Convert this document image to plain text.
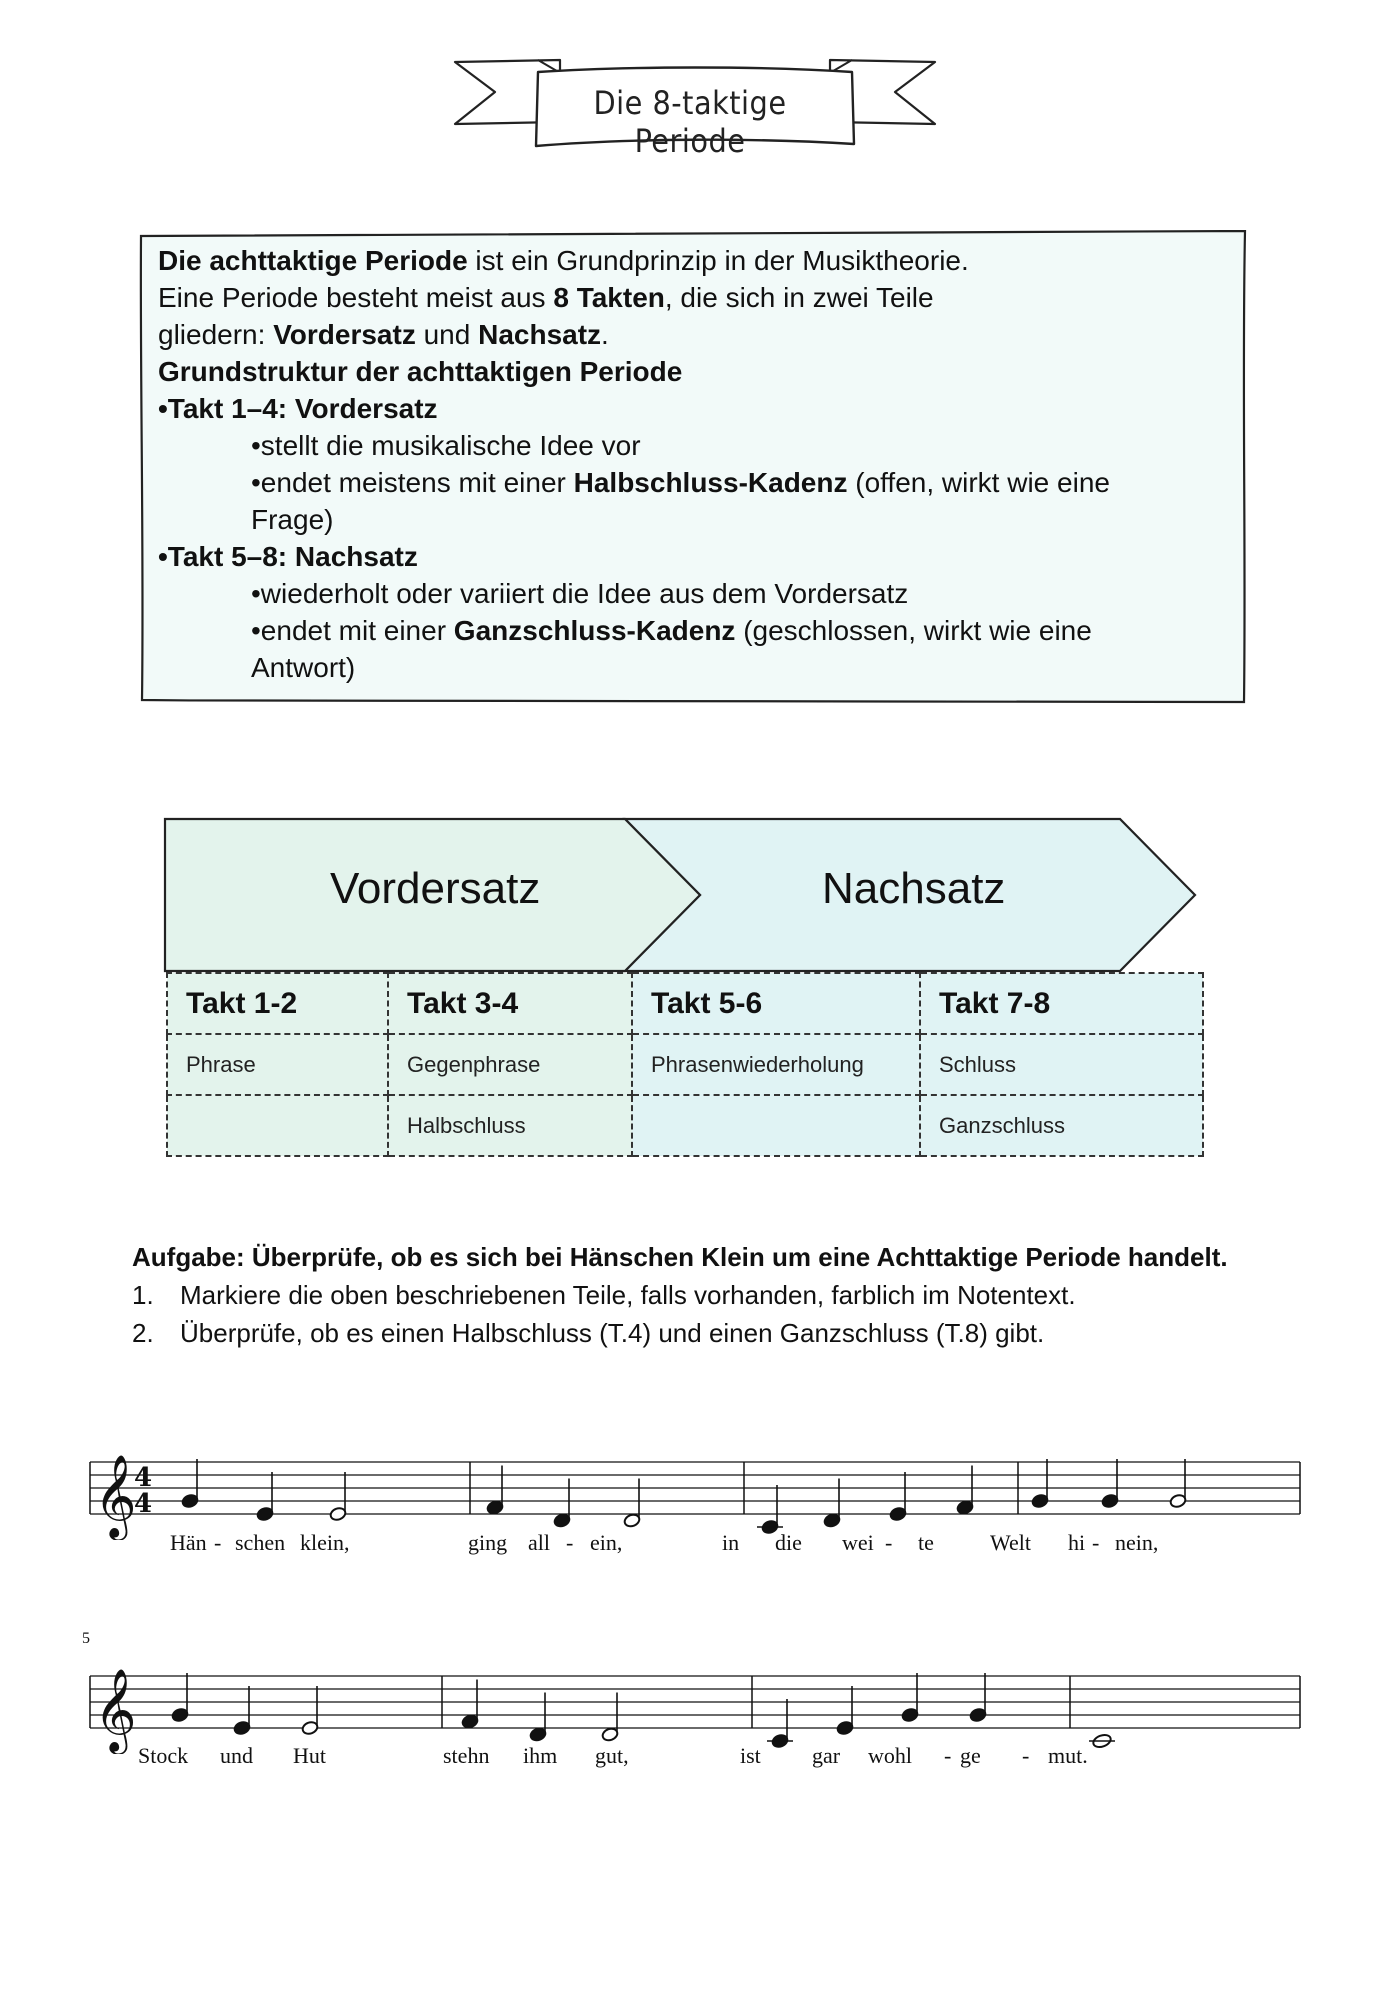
Die 8-taktige Periode

Die achttaktige Periode ist ein Grundprinzip in der Musiktheorie.

Eine Periode besteht meist aus 8 Takten, die sich in zwei Teile

gliedern: Vordersatz und Nachsatz.

Grundstruktur der achttaktigen Periode

•Takt 1–4: Vordersatz

•stellt die musikalische Idee vor

•endet meistens mit einer Halbschluss-Kadenz (offen, wirkt wie eine

Frage)

•Takt 5–8: Nachsatz

•wiederholt oder variiert die Idee aus dem Vordersatz

•endet mit einer Ganzschluss-Kadenz (geschlossen, wirkt wie eine

Antwort)

Vordersatz	Nachsatz
Takt 1-2	Takt 3-4	Takt 5-6	Takt 7-8
Phrase	Gegenphrase	Phrasenwiederholung	Schluss
	Halbschluss		Ganzschluss
Aufgabe: Überprüfe, ob es sich bei Hänschen Klein um eine Achttaktige Periode handelt.
1.	Markiere die oben beschriebenen Teile, falls vorhanden, farblich im Notentext.
2.	Überprüfe, ob es einen Halbschluss (T.4) und einen Ganzschluss (T.8) gibt.
𝄞
4
4
5
𝄞
Hän - schen klein,	ging all - ein,	in die wei - te	Welt hi - nein,
Stock und Hut	stehn ihm gut,	ist gar wohl - ge - mut.
